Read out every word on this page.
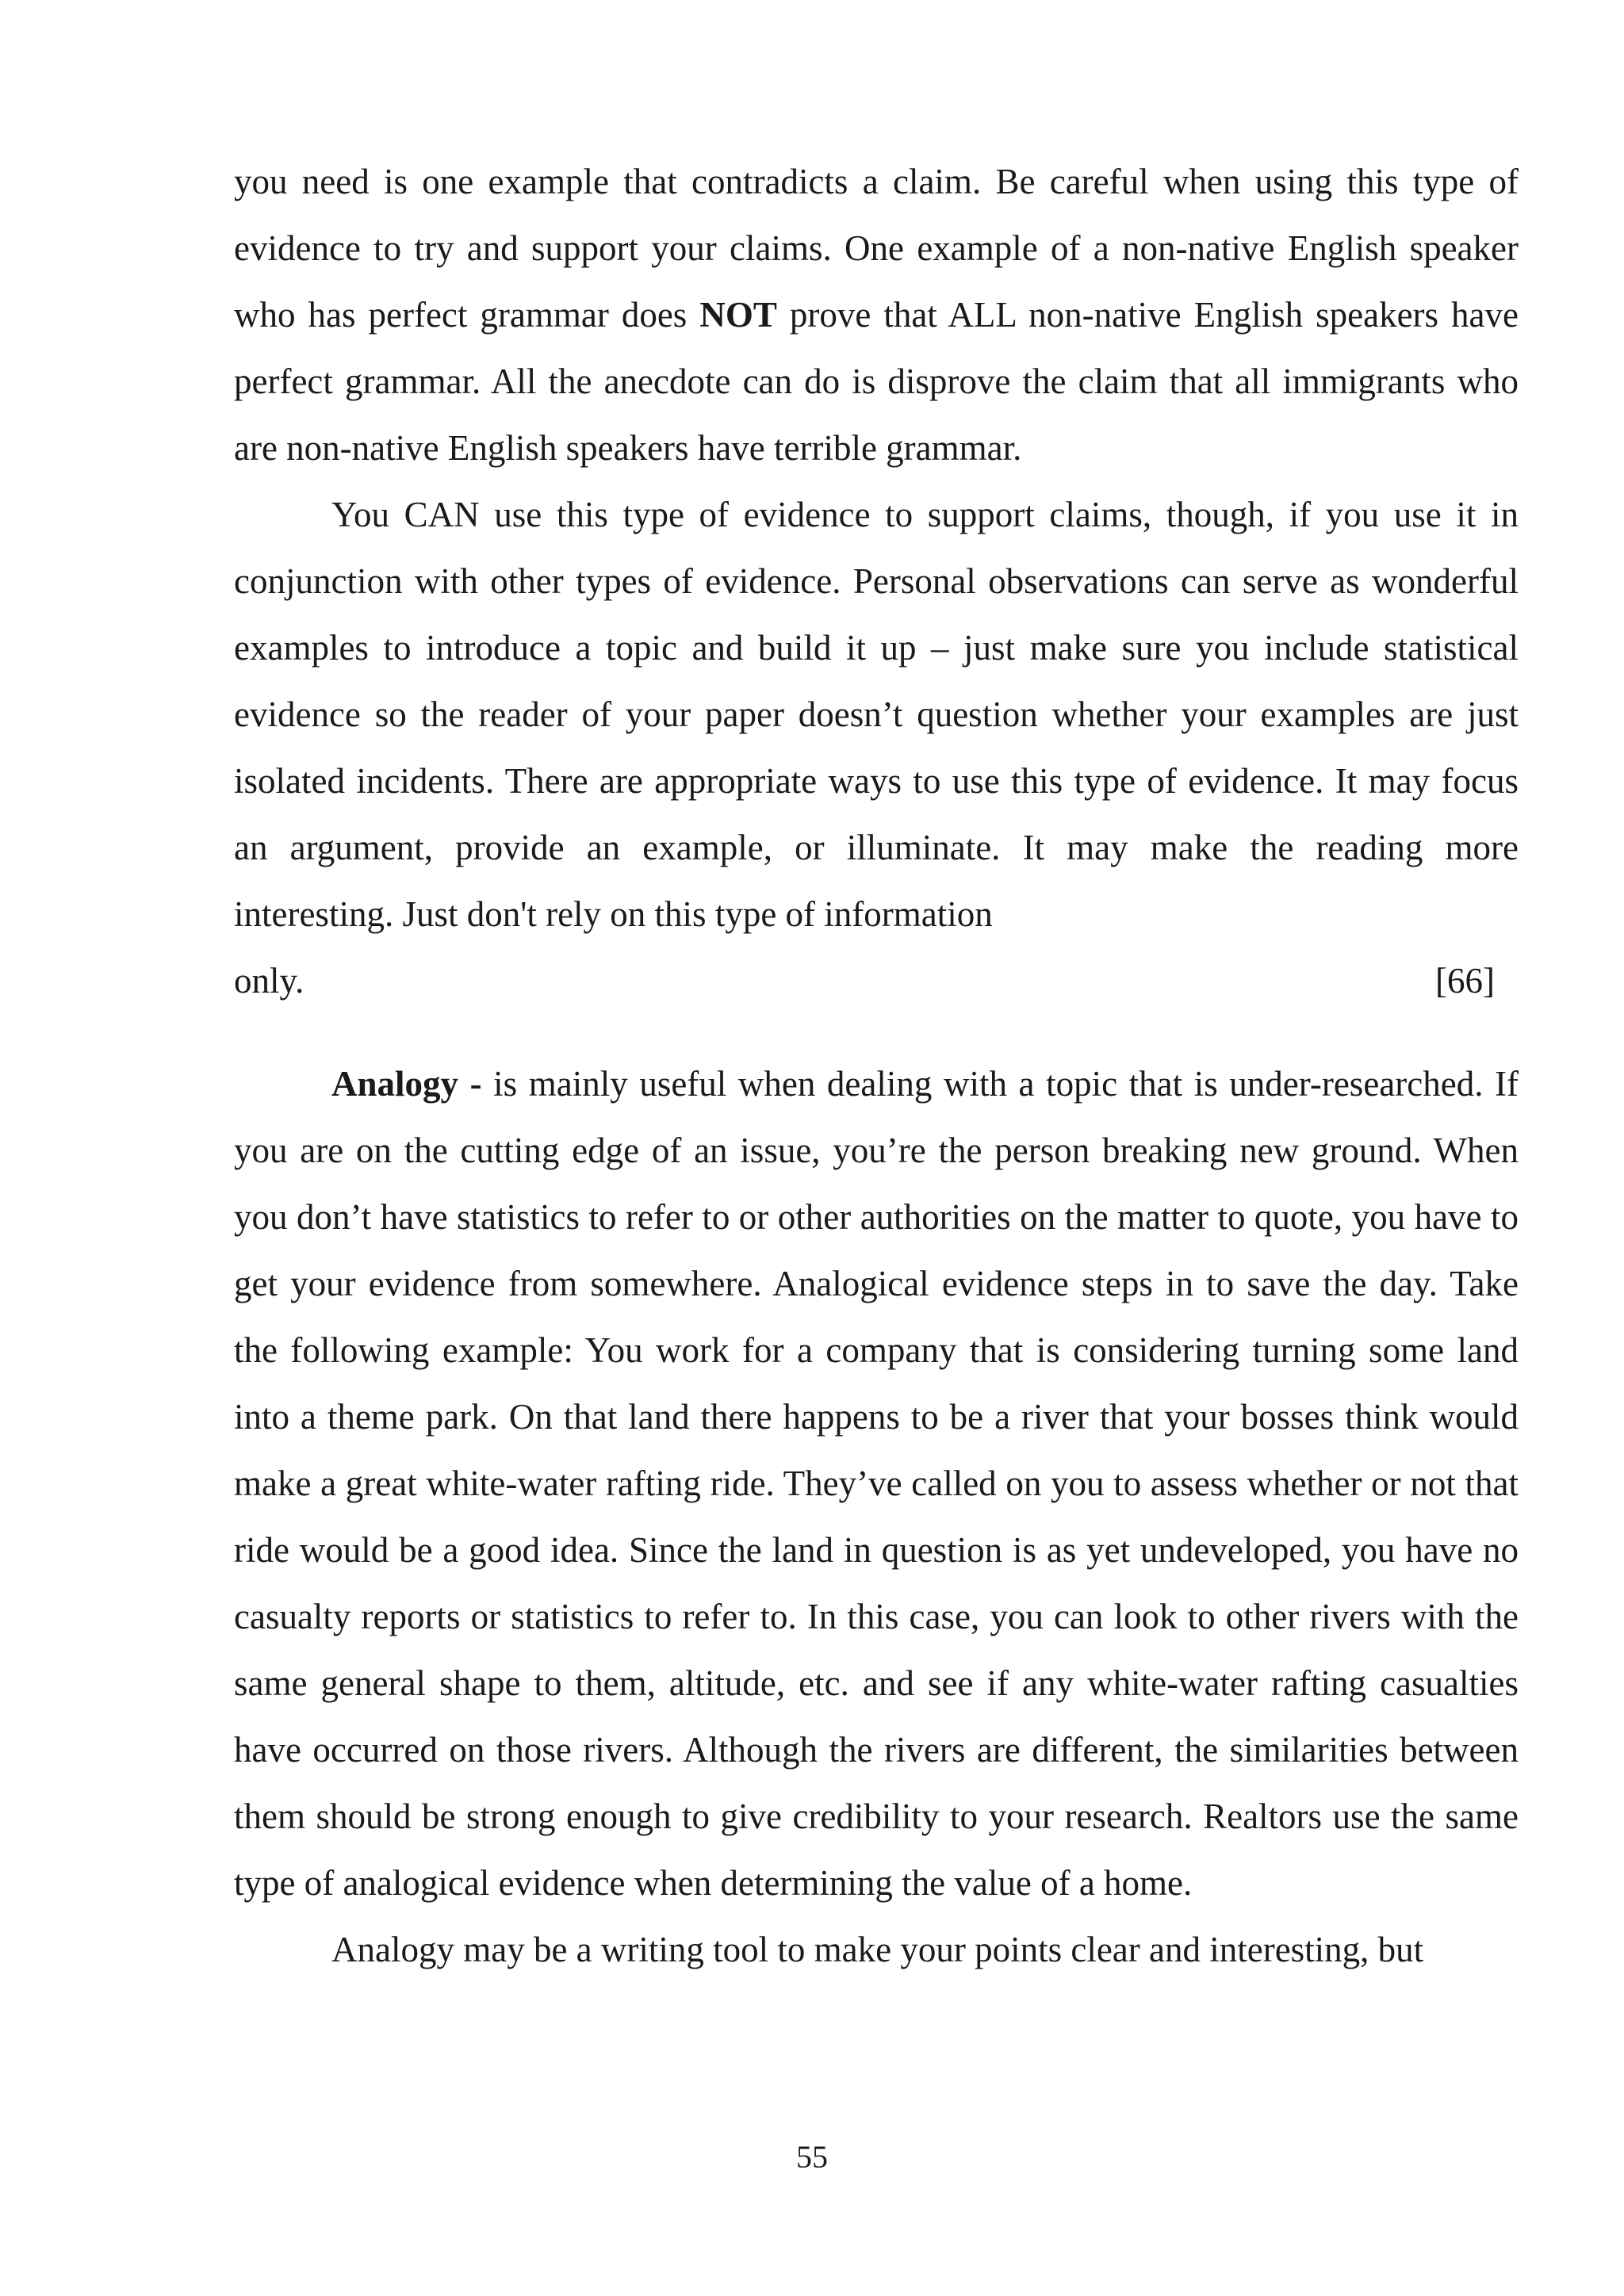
you need is one example that contradicts a claim. Be careful when using this type of evidence to try and support your claims. One example of a non-native English speaker who has perfect grammar does NOT prove that ALL non-native English speakers have perfect grammar. All the anecdote can do is disprove the claim that all immigrants who are non-native English speakers have terrible grammar.

You CAN use this type of evidence to support claims, though, if you use it in conjunction with other types of evidence. Personal observations can serve as wonderful examples to introduce a topic and build it up – just make sure you include statistical evidence so the reader of your paper doesn’t question whether your examples are just isolated incidents. There are appropriate ways to use this type of evidence. It may focus an argument, provide an example, or illuminate. It may make the reading more interesting. Just don't rely on this type of information

only.	[66]

Analogy - is mainly useful when dealing with a topic that is under-researched. If you are on the cutting edge of an issue, you’re the person breaking new ground. When you don’t have statistics to refer to or other authorities on the matter to quote, you have to get your evidence from somewhere. Analogical evidence steps in to save the day. Take the following example: You work for a company that is considering turning some land into a theme park. On that land there happens to be a river that your bosses think would make a great white-water rafting ride. They’ve called on you to assess whether or not that ride would be a good idea. Since the land in question is as yet undeveloped, you have no casualty reports or statistics to refer to. In this case, you can look to other rivers with the same general shape to them, altitude, etc. and see if any white-water rafting casualties have occurred on those rivers. Although the rivers are different, the similarities between them should be strong enough to give credibility to your research. Realtors use the same type of analogical evidence when determining the value of a home.

Analogy may be a writing tool to make your points clear and interesting, but

55
